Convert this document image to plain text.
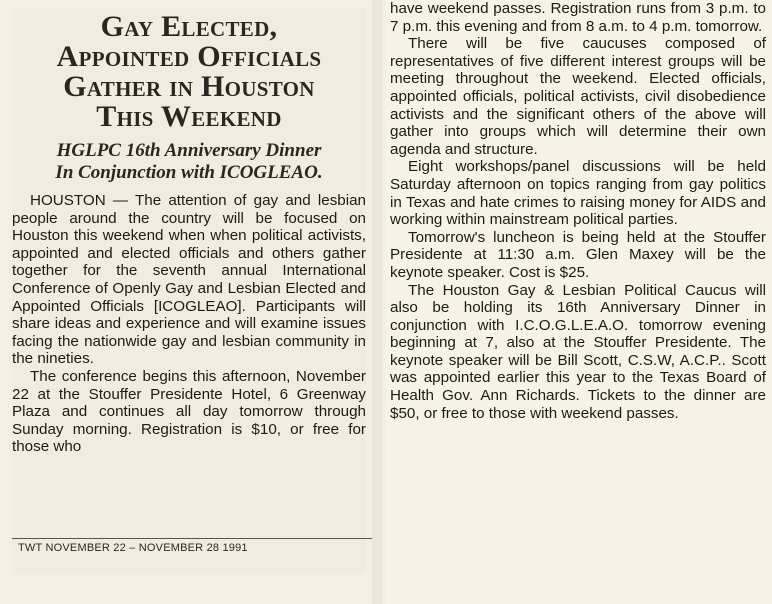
Gay Elected,
Appointed Officials
Gather in Houston
This Weekend
HGLPC 16th Anniversary Dinner
In Conjunction with ICOGLEAO.

HOUSTON — The attention of gay and lesbian people around the country will be focused on Houston this weekend when when political activists, appointed and elected officials and others gather together for the seventh annual International Conference of Openly Gay and Lesbian Elected and Appointed Officials [ICOGLEAO]. Participants will share ideas and experience and will examine issues facing the nationwide gay and lesbian community in the nineties.

The conference begins this afternoon, November 22 at the Stouffer Presidente Hotel, 6 Greenway Plaza and continues all day tomorrow through Sunday morning. Registration is $10, or free for those who

TWT NOVEMBER 22 – NOVEMBER 28 1991

have weekend passes. Registration runs from 3 p.m. to 7 p.m. this evening and from 8 a.m. to 4 p.m. tomorrow.

There will be five caucuses composed of representatives of five different interest groups will be meeting throughout the weekend. Elected officials, appointed officials, political activists, civil disobedience activists and the significant others of the above will gather into groups which will determine their own agenda and structure.

Eight workshops/panel discussions will be held Saturday afternoon on topics ranging from gay politics in Texas and hate crimes to raising money for AIDS and working within mainstream political parties.

Tomorrow's luncheon is being held at the Stouffer Presidente at 11:30 a.m. Glen Maxey will be the keynote speaker. Cost is $25.

The Houston Gay & Lesbian Political Caucus will also be holding its 16th Anniversary Dinner in conjunction with I.C.O.G.L.E.A.O. tomorrow evening beginning at 7, also at the Stouffer Presidente. The keynote speaker will be Bill Scott, C.S.W, A.C.P.. Scott was appointed earlier this year to the Texas Board of Health Gov. Ann Richards. Tickets to the dinner are $50, or free to those with weekend passes.
